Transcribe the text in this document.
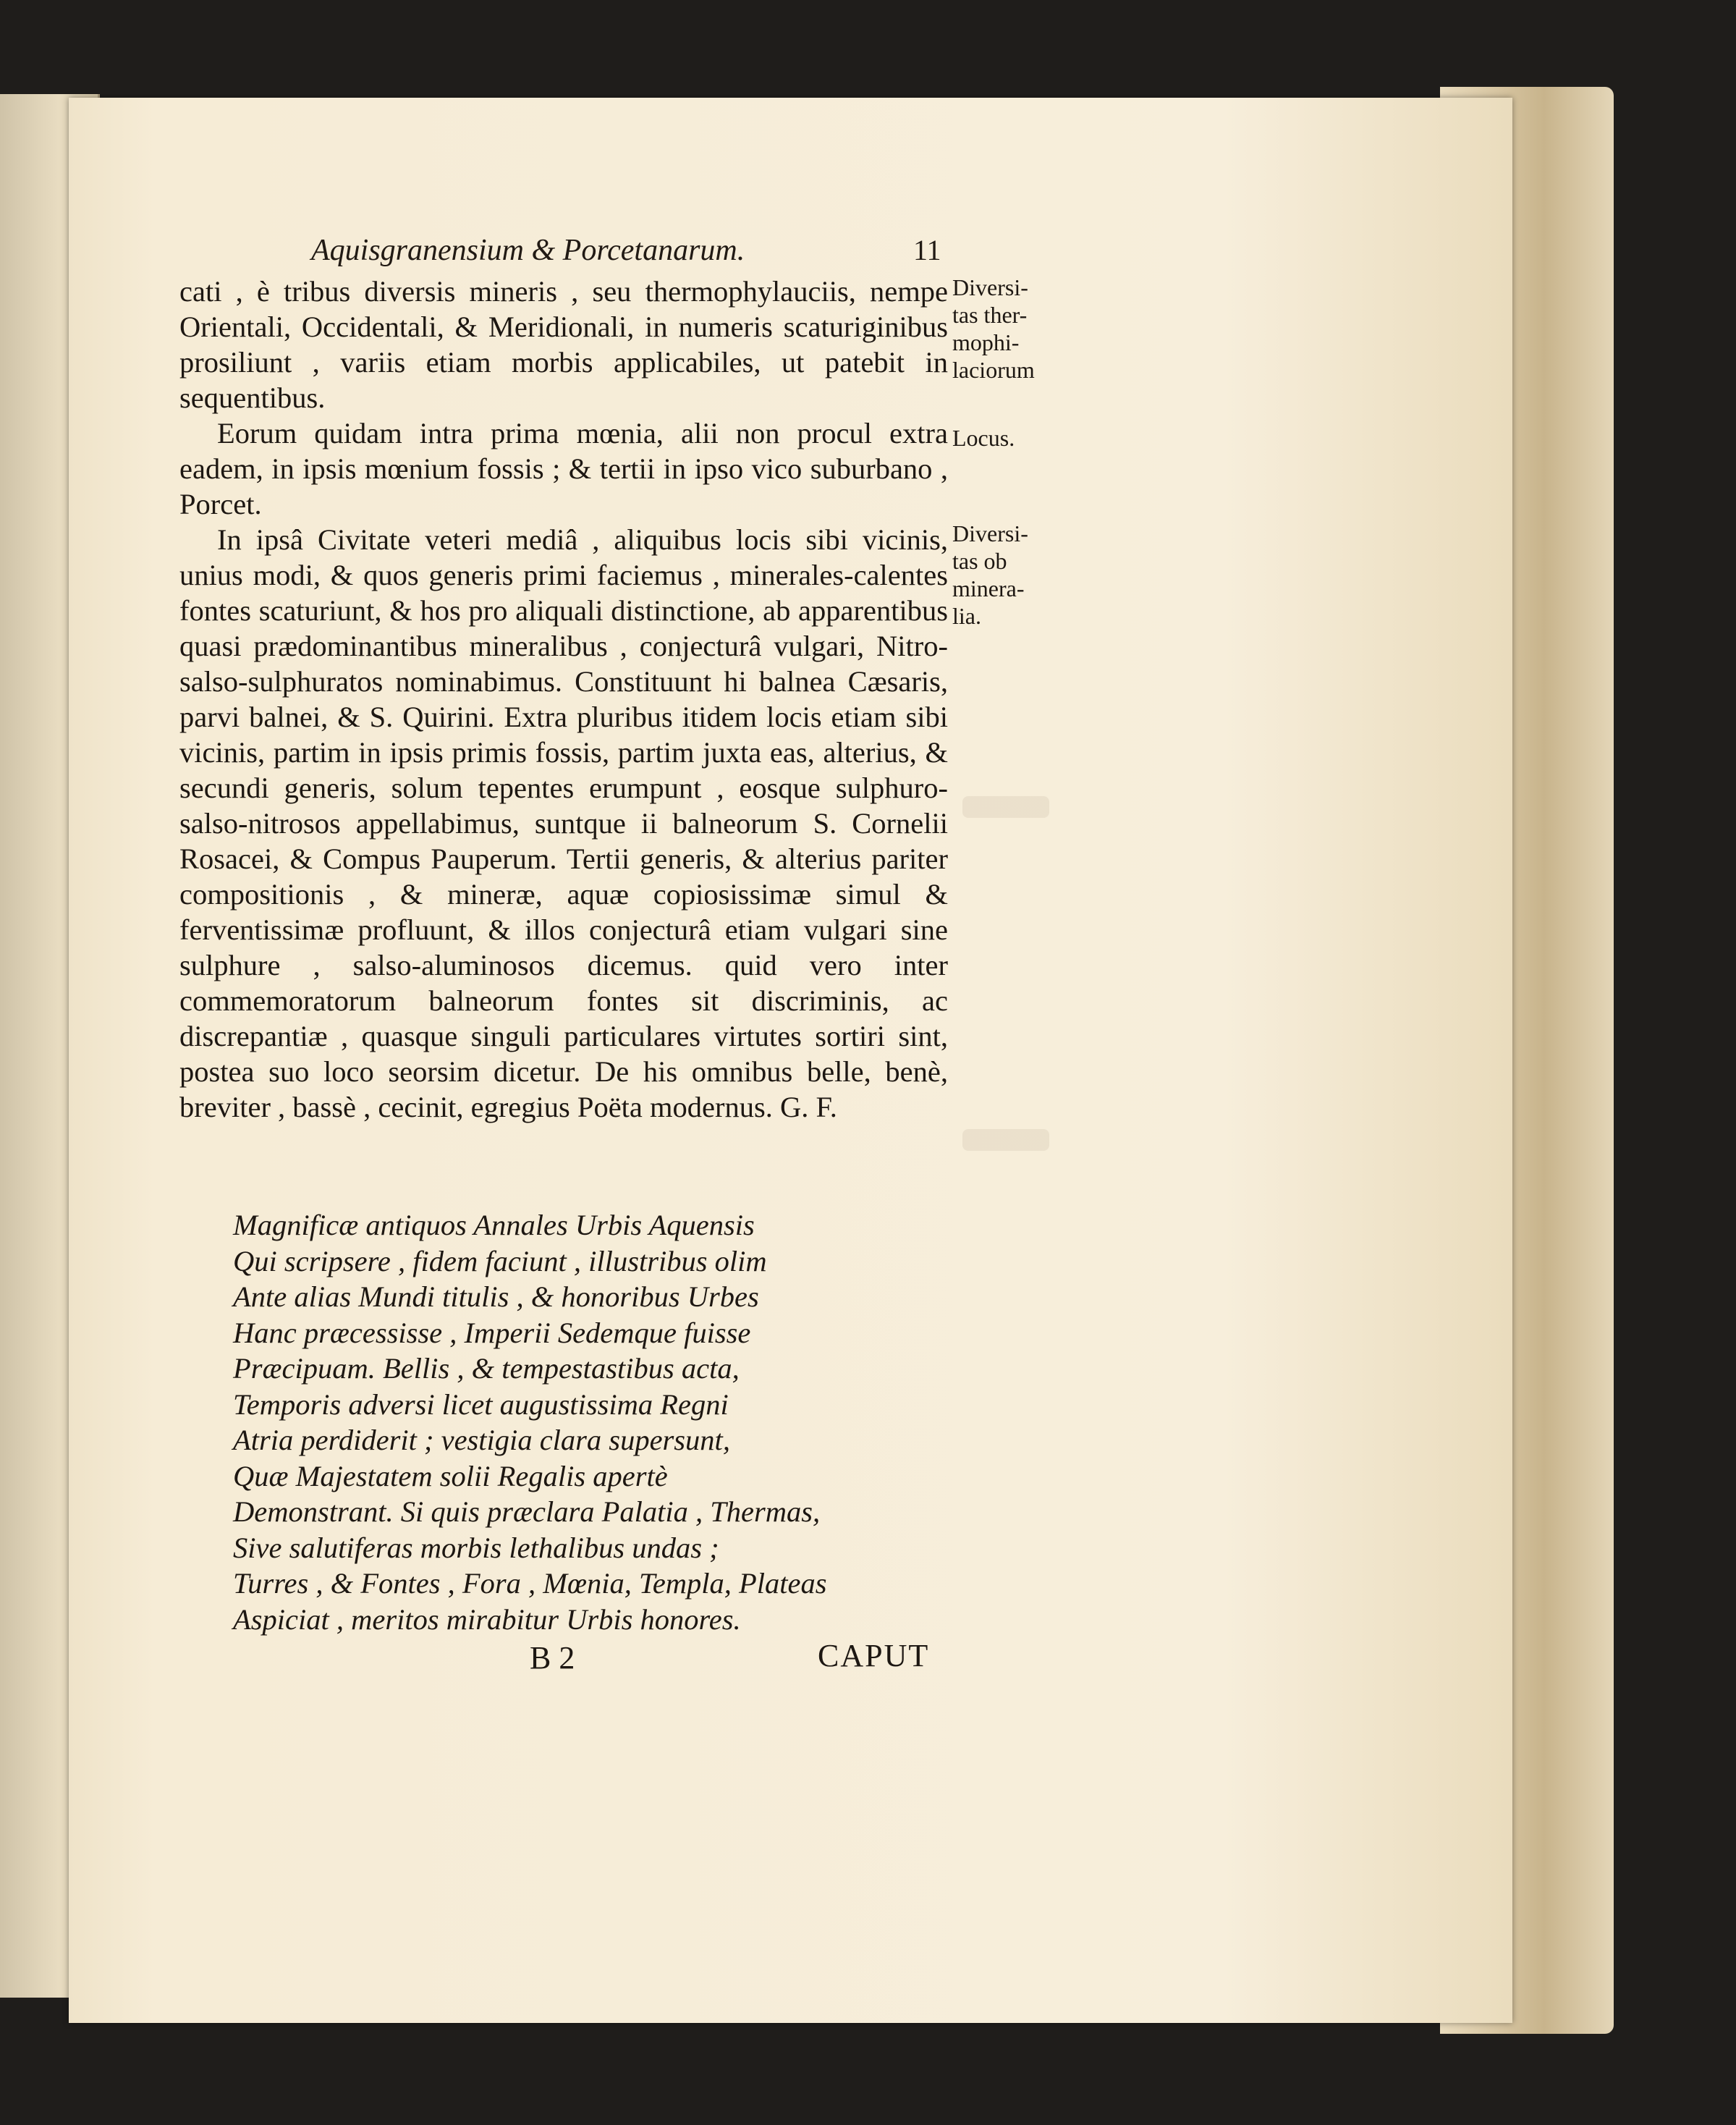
Aquisgranensium & Porcetanarum.	11

cati , è tribus diversis mineris , seu thermophylauciis, nempe Orientali, Occidentali, & Meridionali, in numeris scaturiginibus prosiliunt , variis etiam morbis applicabiles, ut patebit in sequentibus.

Eorum quidam intra prima mœnia, alii non procul extra eadem, in ipsis mœnium fossis ; & tertii in ipso vico suburbano , Porcet.

In ipsâ Civitate veteri mediâ , aliquibus locis sibi vicinis, unius modi, & quos generis primi faciemus , minerales-calentes fontes scaturiunt, & hos pro aliquali distinctione, ab apparentibus quasi prædominantibus mineralibus , conjecturâ vulgari, Nitro-salso-sulphuratos nominabimus. Constituunt hi balnea Cæsaris, parvi balnei, & S. Quirini. Extra pluribus itidem locis etiam sibi vicinis, partim in ipsis primis fossis, partim juxta eas, alterius, & secundi generis, solum tepentes erumpunt , eosque sulphuro-salso-nitrosos appellabimus, suntque ii balneorum S. Cornelii Rosacei, & Compus Pauperum. Tertii generis, & alterius pariter compositionis , & mineræ, aquæ copiosissimæ simul & ferventissimæ profluunt, & illos conjecturâ etiam vulgari sine sulphure , salso-aluminosos dicemus. quid vero inter commemoratorum balneorum fontes sit discriminis, ac discrepantiæ , quasque singuli particulares virtutes sortiri sint, postea suo loco seorsim dicetur. De his omnibus belle, benè, breviter , bassè , cecinit, egregius Poëta modernus. G. F.

Diversi-
tas ther-
mophi-
laciorum
Locus.
Diversi-
tas ob
minera-
lia.
Magnificæ antiquos Annales Urbis Aquensis
Qui scripsere , fidem faciunt , illustribus olim
Ante alias Mundi titulis , & honoribus Urbes
Hanc præcessisse , Imperii Sedemque fuisse
Præcipuam. Bellis , & tempestastibus acta,
Temporis adversi licet augustissima Regni
Atria perdiderit ; vestigia clara supersunt,
Quæ Majestatem solii Regalis apertè
Demonstrant. Si quis præclara Palatia , Thermas,
Sive salutiferas morbis lethalibus undas ;
Turres , & Fontes , Fora , Mœnia, Templa, Plateas
Aspiciat , meritos mirabitur Urbis honores.
B 2	CAPUT
